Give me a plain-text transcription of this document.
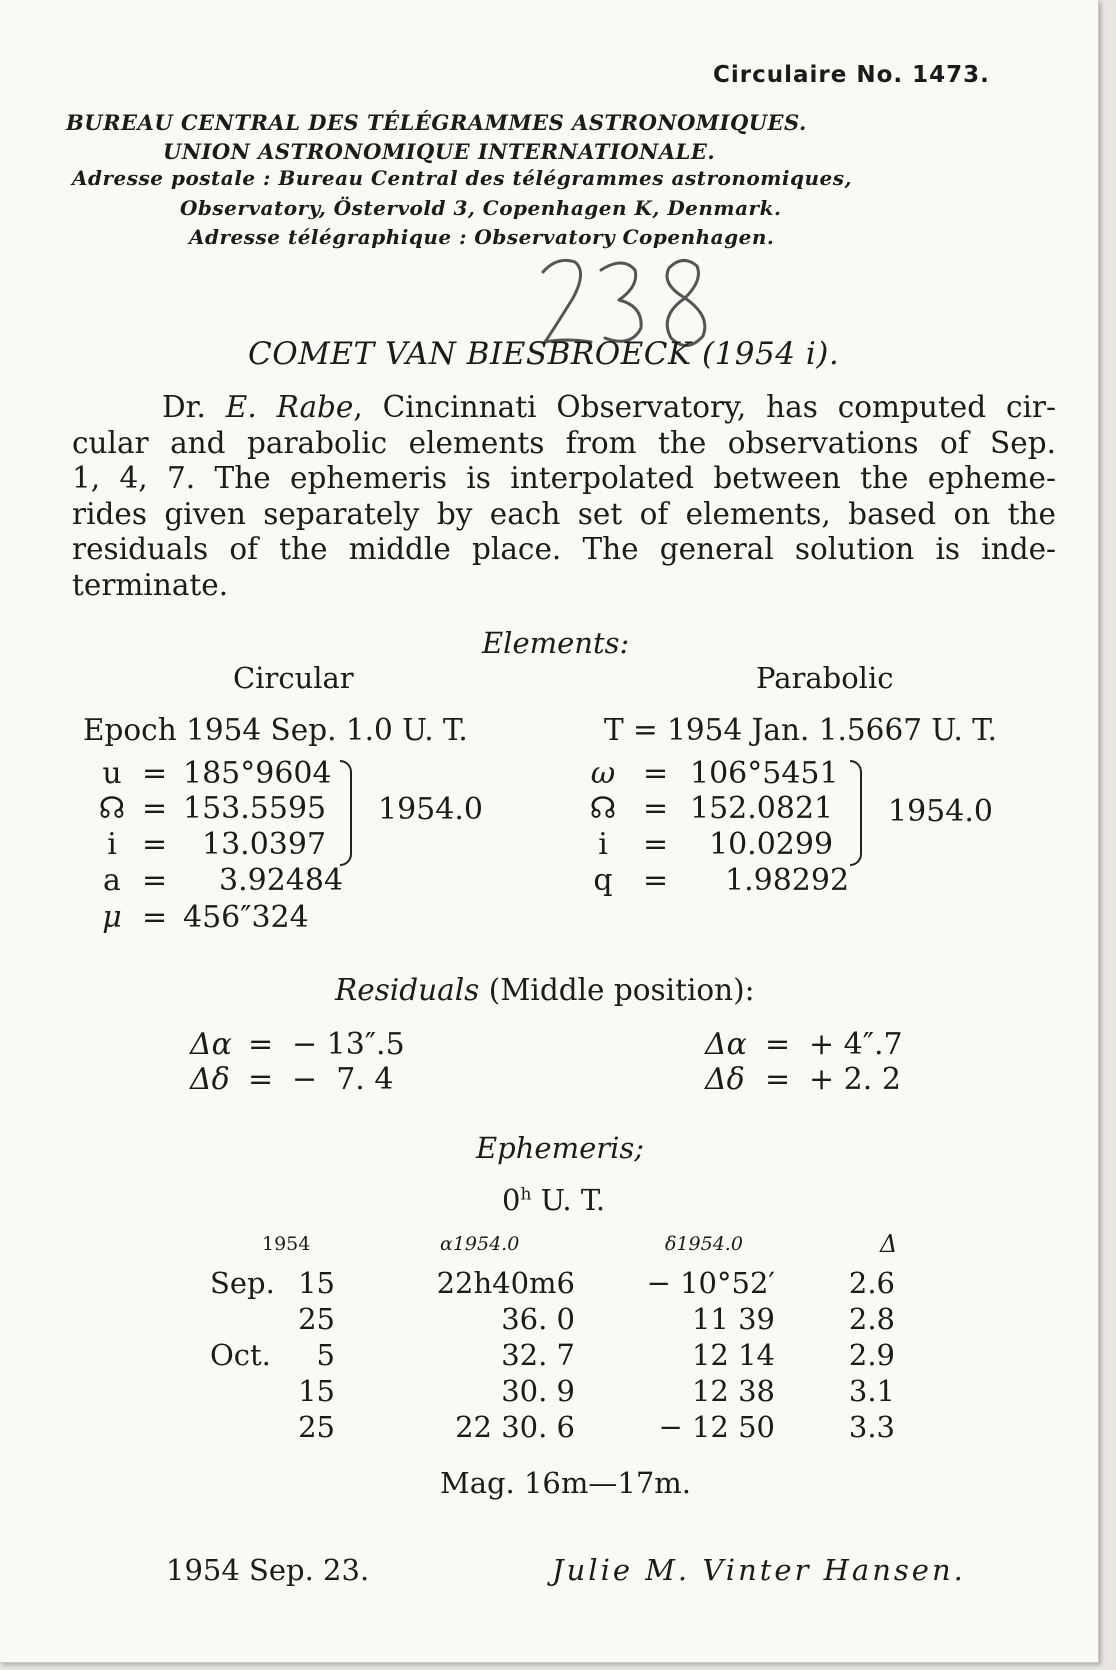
Circulaire No. 1473.
BUREAU CENTRAL DES TÉLÉGRAMMES ASTRONOMIQUES.
UNION ASTRONOMIQUE INTERNATIONALE.
Adresse postale : Bureau Central des télégrammes astronomiques,
Observatory, Östervold 3, Copenhagen K, Denmark.
Adresse télégraphique : Observatory Copenhagen.
COMET VAN BIESBROECK (1954 i).
Dr. E. Rabe, Cincinnati Observatory, has computed cir-
cular and parabolic elements from the observations of Sep.
1, 4, 7. The ephemeris is interpolated between the epheme-
rides given separately by each set of elements, based on the
residuals of the middle place. The general solution is inde-
terminate.
Elements:
Circular	Parabolic
Epoch 1954 Sep. 1.0 U. T.	T = 1954 Jan. 1.5667 U. T.
u = 185°9604
☊ = 153.5595
i = 13.0397
a = 3.92484
μ = 456″324
1954.0
ω = 106°5451
☊ = 152.0821
i	= 10.0299
q	= 1.98292
1954.0
Residuals (Middle position):
Δα = − 13″.5
Δδ = −  7. 4
Δα = + 4″.7
Δδ = + 2. 2
Ephemeris;
0$^h$ U. T.
1954	α1954.0	δ1954.0	Δ
Sep.	15	22h40m6	− 10°52′	2.6
	25	36. 0	11 39	2.8
Oct.	5	32. 7	12 14	2.9
	15	30. 9	12 38	3.1
	25	22 30. 6	− 12 50	3.3
Mag. 16m—17m.
1954 Sep. 23.	Julie M. Vinter Hansen.
